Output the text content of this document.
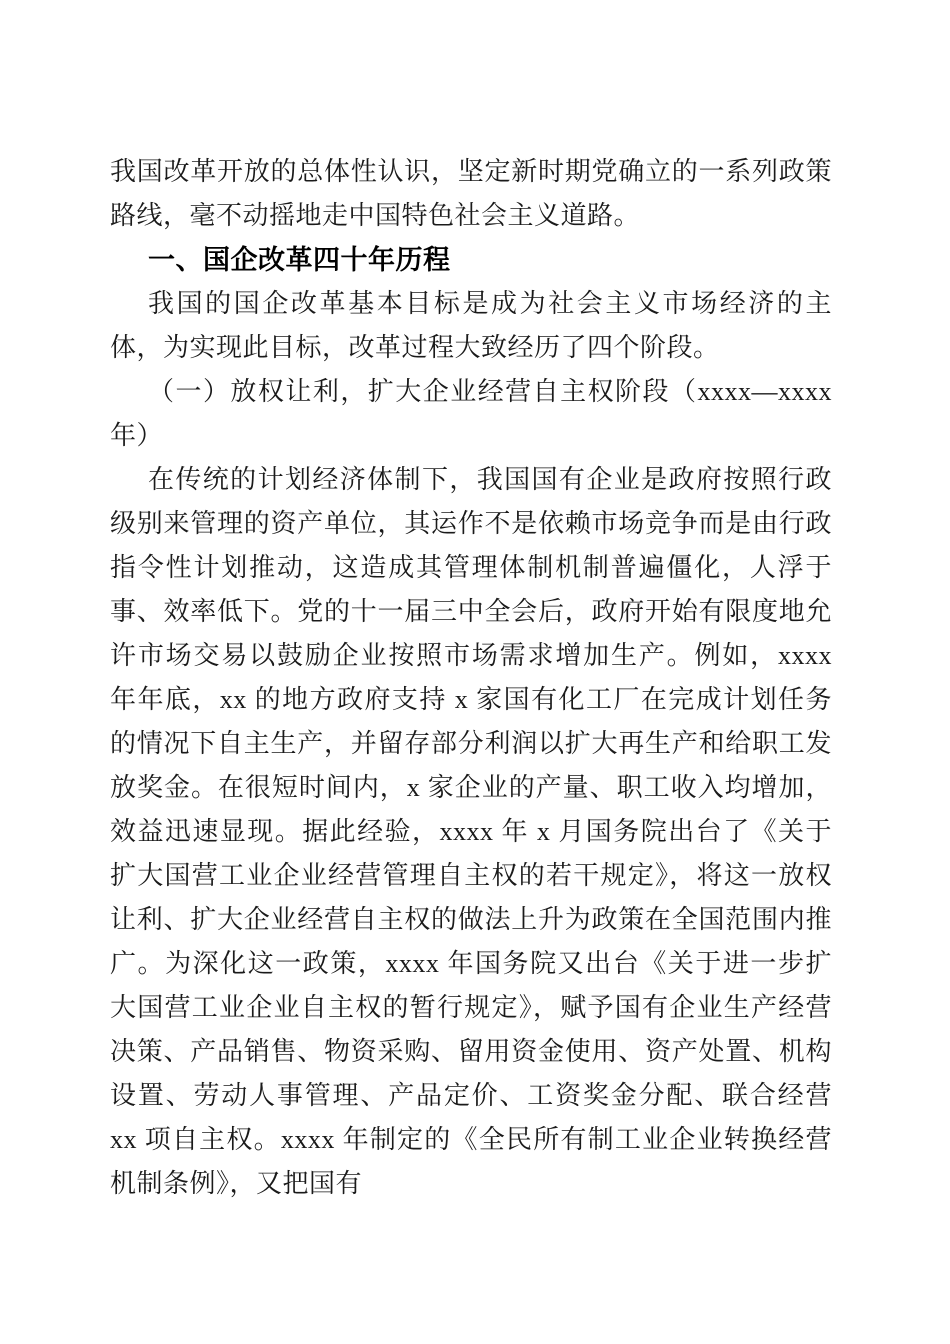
我国改革开放的总体性认识，坚定新时期党确立的一系列政策路线，毫不动摇地走中国特色社会主义道路。

一、国企改革四十年历程

我国的国企改革基本目标是成为社会主义市场经济的主体，为实现此目标，改革过程大致经历了四个阶段。

（一）放权让利，扩大企业经营自主权阶段（xxxx—xxxx年）

在传统的计划经济体制下，我国国有企业是政府按照行政级别来管理的资产单位，其运作不是依赖市场竞争而是由行政指令性计划推动，这造成其管理体制机制普遍僵化，人浮于事、效率低下。党的十一届三中全会后，政府开始有限度地允许市场交易以鼓励企业按照市场需求增加生产。例如，xxxx 年年底，xx 的地方政府支持 x 家国有化工厂在完成计划任务的情况下自主生产，并留存部分利润以扩大再生产和给职工发放奖金。在很短时间内，x 家企业的产量、职工收入均增加，效益迅速显现。据此经验，xxxx 年 x 月国务院出台了《关于扩大国营工业企业经营管理自主权的若干规定》，将这一放权让利、扩大企业经营自主权的做法上升为政策在全国范围内推广。为深化这一政策，xxxx 年国务院又出台《关于进一步扩大国营工业企业自主权的暂行规定》，赋予国有企业生产经营决策、产品销售、物资采购、留用资金使用、资产处置、机构设置、劳动人事管理、产品定价、工资奖金分配、联合经营 xx 项自主权。xxxx 年制定的《全民所有制工业企业转换经营机制条例》，又把国有
